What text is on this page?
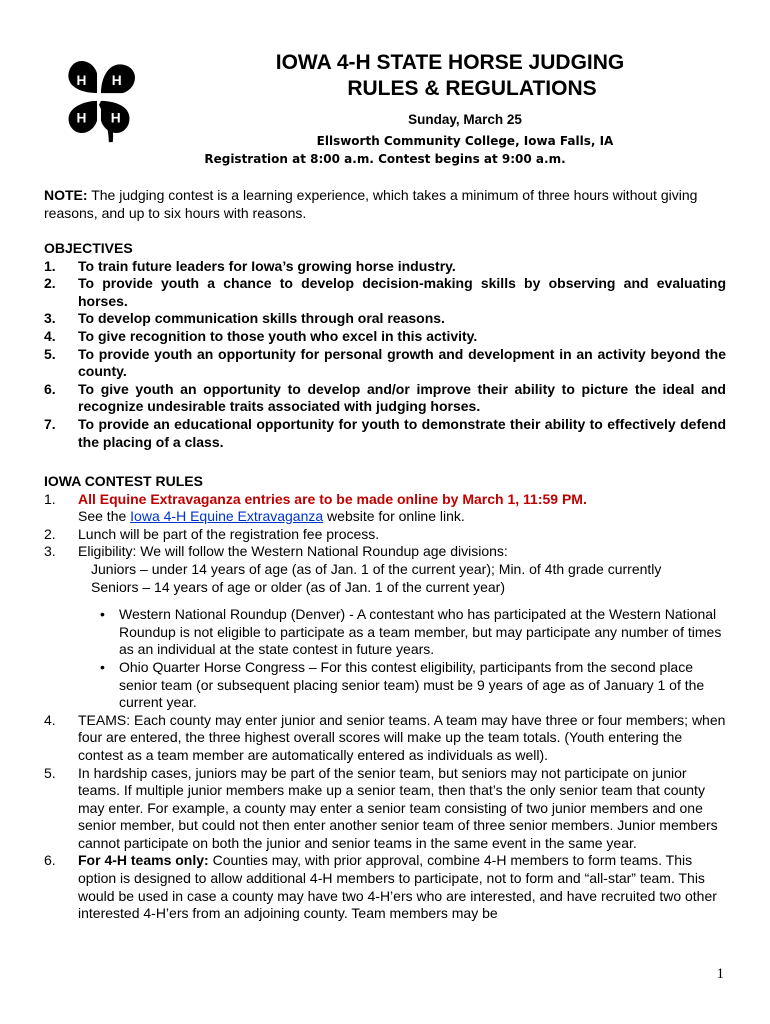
H H
H H
IOWA 4-H STATE HORSE JUDGING
RULES & REGULATIONS
Sunday, March 25
Ellsworth Community College, Iowa Falls, IA
Registration at 8:00 a.m. Contest begins at 9:00 a.m.
NOTE: The judging contest is a learning experience, which takes a minimum of three hours without giving reasons, and up to six hours with reasons.
OBJECTIVES
1.	To train future leaders for Iowa’s growing horse industry.
2.	To provide youth a chance to develop decision-making skills by observing and evaluating horses.
3.	To develop communication skills through oral reasons.
4.	To give recognition to those youth who excel in this activity.
5.	To provide youth an opportunity for personal growth and development in an activity beyond the county.
6.	To give youth an opportunity to develop and/or improve their ability to picture the ideal and recognize undesirable traits associated with judging horses.
7.	To provide an educational opportunity for youth to demonstrate their ability to effectively defend the placing of a class.
IOWA CONTEST RULES
1.	All Equine Extravaganza entries are to be made online by March 1, 11:59 PM.
See the Iowa 4-H Equine Extravaganza website for online link.
2.	Lunch will be part of the registration fee process.
3.	Eligibility: We will follow the Western National Roundup age divisions:
Juniors – under 14 years of age (as of Jan. 1 of the current year); Min. of 4th grade currently
Seniors – 14 years of age or older (as of Jan. 1 of the current year)
• Western National Roundup (Denver) - A contestant who has participated at the Western National Roundup is not eligible to participate as a team member, but may participate any number of times as an individual at the state contest in future years.
• Ohio Quarter Horse Congress – For this contest eligibility, participants from the second place senior team (or subsequent placing senior team) must be 9 years of age as of January 1 of the current year.
4.	TEAMS: Each county may enter junior and senior teams. A team may have three or four members; when four are entered, the three highest overall scores will make up the team totals. (Youth entering the contest as a team member are automatically entered as individuals as well).
5.	In hardship cases, juniors may be part of the senior team, but seniors may not participate on junior teams. If multiple junior members make up a senior team, then that’s the only senior team that county may enter. For example, a county may enter a senior team consisting of two junior members and one senior member, but could not then enter another senior team of three senior members. Junior members cannot participate on both the junior and senior teams in the same event in the same year.
6.	For 4-H teams only: Counties may, with prior approval, combine 4-H members to form teams. This option is designed to allow additional 4-H members to participate, not to form and “all-star” team. This would be used in case a county may have two 4-H’ers who are interested, and have recruited two other interested 4-H’ers from an adjoining county. Team members may be
1
